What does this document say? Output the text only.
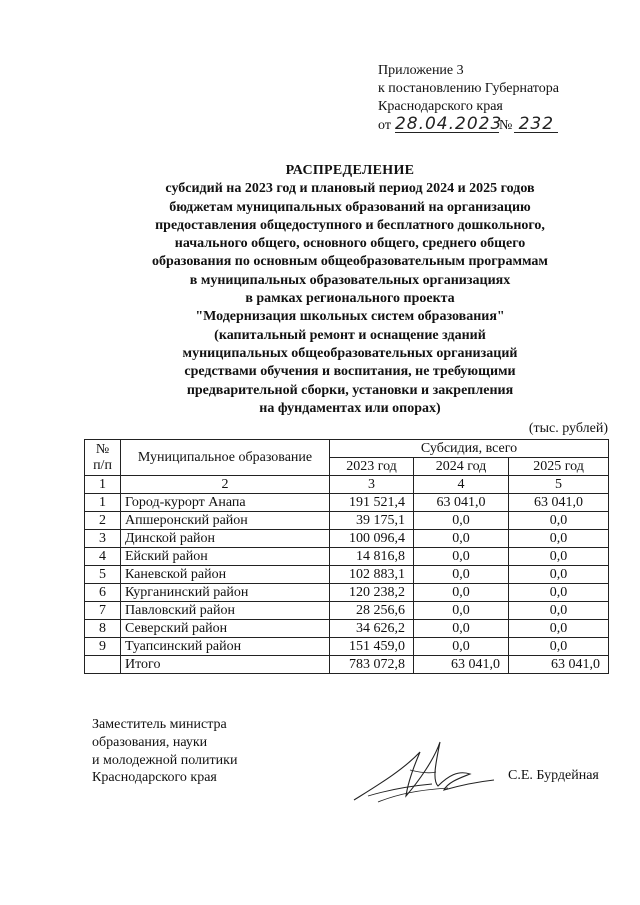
Приложение 3
к постановлению Губернатора
Краснодарского края
от 28.04.2023№ 232
РАСПРЕДЕЛЕНИЕ
субсидий на 2023 год и плановый период 2024 и 2025 годов
бюджетам муниципальных образований на организацию
предоставления общедоступного и бесплатного дошкольного,
начального общего, основного общего, среднего общего
образования по основным общеобразовательным программам
в муниципальных образовательных организациях
в рамках регионального проекта
"Модернизация школьных систем образования"
(капитальный ремонт и оснащение зданий
муниципальных общеобразовательных организаций
средствами обучения и воспитания, не требующими
предварительной сборки, установки и закрепления
на фундаментах или опорах)
(тыс. рублей)
№ п/п	Муниципальное образование	Субсидия, всего		
		2023 год	2024 год	2025 год
1	2	3	4	5
1	Город-курорт Анапа	191 521,4	63 041,0	63 041,0
2	Апшеронский район	39 175,1	0,0	0,0
3	Динской район	100 096,4	0,0	0,0
4	Ейский район	14 816,8	0,0	0,0
5	Каневской район	102 883,1	0,0	0,0
6	Курганинский район	120 238,2	0,0	0,0
7	Павловский район	28 256,6	0,0	0,0
8	Северский район	34 626,2	0,0	0,0
9	Туапсинский район	151 459,0	0,0	0,0
	Итого	783 072,8	63 041,0	63 041,0
Заместитель министра
образования, науки
и молодежной политики
Краснодарского края	С.Е. Бурдейная
